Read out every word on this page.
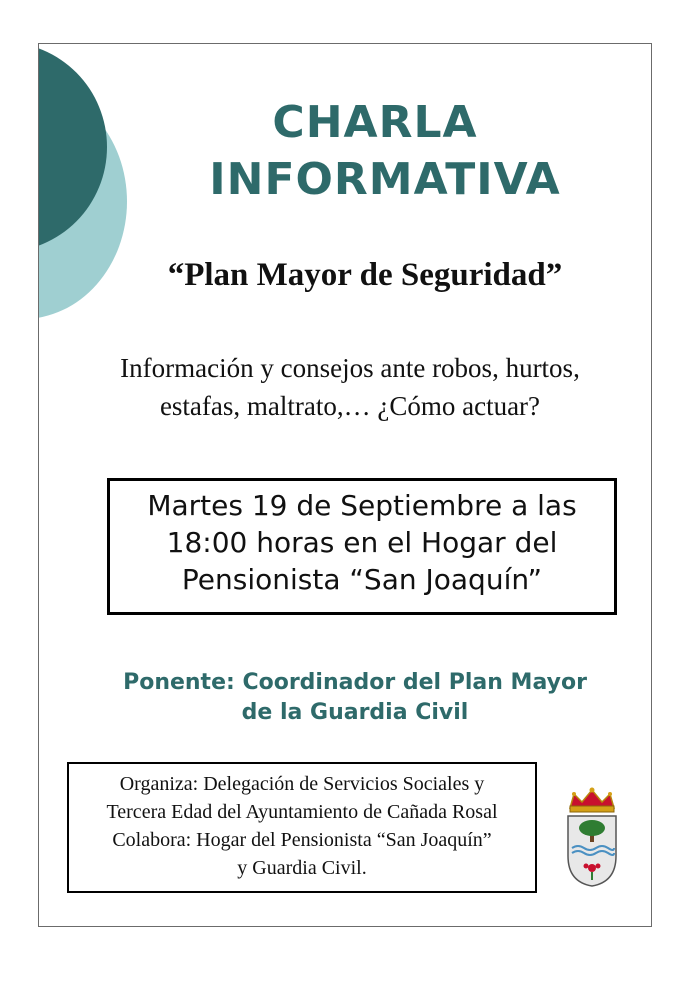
CHARLA
INFORMATIVA
“Plan Mayor de Seguridad”
Información y consejos ante robos, hurtos,
estafas, maltrato,… ¿Cómo actuar?
Martes 19 de Septiembre a las
18:00 horas en el Hogar del
Pensionista “San Joaquín”
Ponente: Coordinador del Plan Mayor
de la Guardia Civil
Organiza: Delegación de Servicios Sociales y
Tercera Edad del Ayuntamiento de Cañada Rosal
Colabora: Hogar del Pensionista “San Joaquín”
y Guardia Civil.
